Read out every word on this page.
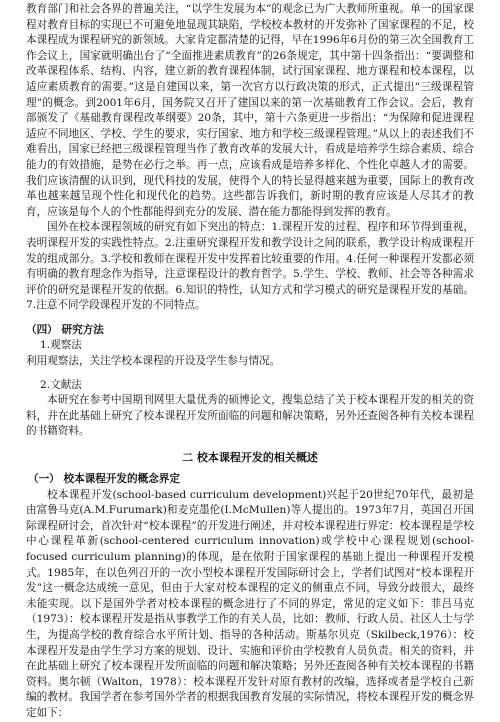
教育部门和社会各界的普遍关注，“以学生发展为本”的观念已为广大教师所重视。单一的国家课程对教育目标的实现已不可避免地显现其缺陷，学校校本教材的开发弥补了国家课程的不足，校本课程成为课程研究的新领域。大家肯定都清楚的记得，早在1996年6月份的第三次全国教育工作会议上，国家就明确出台了“全面推进素质教育”的26条规定，其中第十四条指出：“要调整和改革课程体系、结构、内容，建立新的教育课程体制，试行国家课程、地方课程和校本课程，以适应素质教育的需要。”这是自建国以来，第一次官方以行政决策的形式，正式提出“三级课程管理”的概念。到2001年6月，国务院又召开了建国以来的第一次基础教育工作会议。会后，教育部颁发了《基础教育课程改革纲要》20条，其中，第十六条更进一步指出：“为保障和促进课程适应不同地区、学校、学生的要求，实行国家、地方和学校三级课程管理。”从以上的表述我们不难看出，国家已经把三级课程管理当作了教育改革的发展大计，看成是培养学生综合素质、综合能力的有效措施，是势在必行之举。再一点，应该看成是培养多样化、个性化卓越人才的需要。我们应该清醒的认识到，现代科技的发展，使得个人的特长显得越来越为重要，国际上的教育改革也越来越呈现个性化和现代化的趋势。这些都告诉我们，新时期的教育应该是人尽其才的教育，应该是每个人的个性都能得到充分的发展、潜在能力都能得到发挥的教育。

国外在校本课程领域的研究有如下突出的特点：1.课程开发的过程、程序和环节得到重视，表明课程开发的实践性特点。2.注重研究课程开发和教学设计之间的联系，教学设计构成课程开发的组成部分。3.学校和教师在课程开发中发挥着比较重要的作用。4.任何一种课程开发都必须有明确的教育理念作为指导，注意课程设计的教育哲学。5.学生、学校、教师、社会等各种需求评价的研究是课程开发的依据。6.知识的特性，认知方式和学习模式的研究是课程开发的基础。7.注意不同学段课程开发的不同特点。

（四） 研究方法

1.观察法

利用观察法，关注学校本课程的开设及学生参与情况。

2.文献法

本研究在参考中国期刊网里大量优秀的硕博论文，搜集总结了关于校本课程开发的相关的资料，并在此基础上研究了校本课程开发所面临的问题和解决策略，另外还查阅各种有关校本课程的书籍资料。

二 校本课程开发的相关概述

（一） 校本课程开发的概念界定

校本课程开发(school-based curriculum development)兴起于20世纪70年代，最初是由富鲁马克(A.M.Furumark)和麦克墨伦(I.McMullen)等人提出的。1973年7月，英国召开国际课程研讨会，首次针对“校本课程”的开发进行阐述，并对校本课程进行界定：校本课程是学校中心课程革新(school-centered curriculum innovation)或学校中心课程规划(school-focused curriculum planning)的体现，是在依附于国家课程的基础上提出一种课程开发模式。1985年，在以色列召开的一次小型校本课程开发国际研讨会上，学者们试图对“校本课程开发”这一概念达成统一意见，但由于大家对校本课程的定义的侧重点不同，导致分歧很大，最终未能实现。以下是国外学者对校本课程的概念进行了不同的界定，常见的定义如下：菲吕马克（1973）：校本课程开发是指从事教学工作的有关人员，比如：教师、行政人员、社区人士与学生，为提高学校的教育综合水平所计划、指导的各种活动。斯基尔贝克（Skilbeck,1976）：校本课程开发是由学生学习方案的规划、设计、实施和评价由学校教育人员负责。相关的资料，并在此基础上研究了校本课程开发所面临的问题和解决策略；另外还查阅各种有关校本课程的书籍资料。奥尔顿（Walton，1978）：校本课程开发针对原有教材的改编，选择或者是学校自己新编的教材。我国学者在参考国外学者的根据我国教育发展的实际情况，将校本课程开发的概念界定如下：
